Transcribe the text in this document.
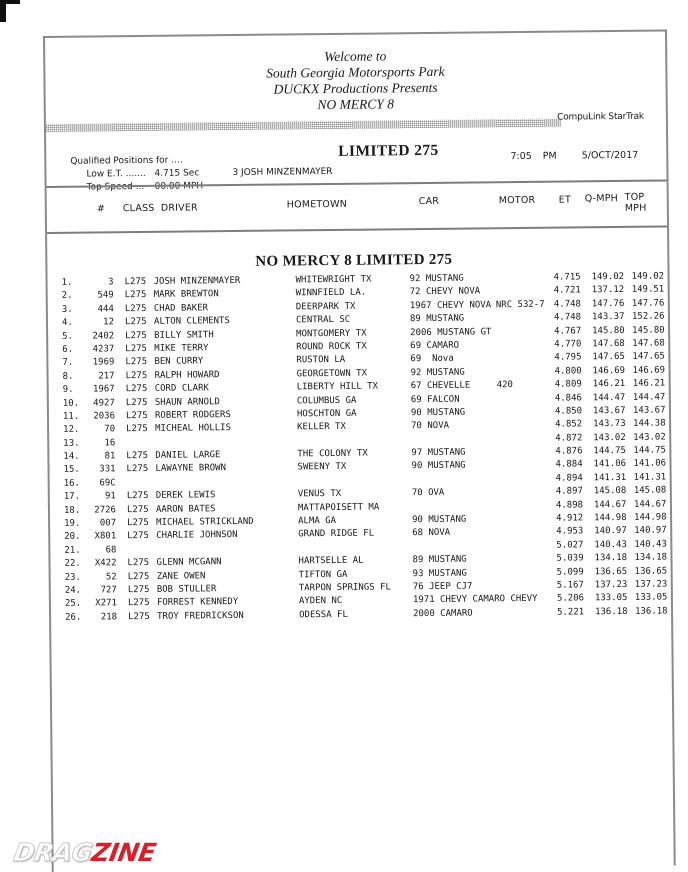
Welcome to
South Georgia Motorsports Park
DUCKX Productions Presents
NO MERCY 8
CompuLink StarTrak
LIMITED 275
Qualified Positions for ....
Low E.T. ....... 4.715 Sec	3 JOSH MINZENMAYER
Top Speed ... 00.00 MPH
7:05 PM	5/OCT/2017
# CLASS DRIVER	HOMETOWN	CAR	MOTOR ET Q-MPH TOP MPH
NO MERCY 8 LIMITED 275
1.	3 L275 JOSH MINZENMAYER	WHITEWRIGHT TX	92 MUSTANG	4.715 149.02 149.02
2.	549 L275 MARK BREWTON	WINNFIELD LA.	72 CHEVY NOVA	4.721 137.12 149.51
3.	444 L275 CHAD BAKER	DEERPARK TX	1967 CHEVY NOVA NRC 532-7 4.748 147.76 147.76
4.	12 L275 ALTON CLEMENTS	CENTRAL SC	89 MUSTANG	4.748 143.37 152.26
5.	2402 L275 BILLY SMITH	MONTGOMERY TX	2006 MUSTANG GT	4.767 145.80 145.80
6.	4237 L275 MIKE TERRY	ROUND ROCK TX	69 CAMARO	4.770 147.68 147.68
7.	1969 L275 BEN CURRY	RUSTON LA	69  Nova	4.795 147.65 147.65
8.	217 L275 RALPH HOWARD	GEORGETOWN TX	92 MUSTANG	4.800 146.69 146.69
9.	1967 L275 CORD CLARK	LIBERTY HILL TX	67 CHEVELLE	420	4.809 146.21 146.21
10.	4927 L275 SHAUN ARNOLD	COLUMBUS GA	69 FALCON	4.846 144.47 144.47
11.	2036 L275 ROBERT RODGERS	HOSCHTON GA	90 MUSTANG	4.850 143.67 143.67
12.	70 L275 MICHEAL HOLLIS	KELLER TX	70 NOVA	4.852 143.73 144.38
13.	16	4.872 143.02 143.02
14.	81 L275 DANIEL LARGE	THE COLONY TX	97 MUSTANG	4.876 144.75 144.75
15.	331 L275 LAWAYNE BROWN	SWEENY TX	90 MUSTANG	4.884 141.06 141.06
16.	69C	4.894 141.31 141.31
17.	91 L275 DEREK LEWIS	VENUS TX	70 OVA	4.897 145.08 145.08
18.	2726 L275 AARON BATES	MATTAPOISETT MA	4.898 144.67 144.67
19.	007 L275 MICHAEL STRICKLAND	ALMA GA	90 MUSTANG	4.912 144.98 144.98
20.	X801 L275 CHARLIE JOHNSON	GRAND RIDGE FL	68 NOVA	4.953 140.97 140.97
21.	68	5.027 140.43 140.43
22.	X422 L275 GLENN MCGANN	HARTSELLE AL	89 MUSTANG	5.039 134.18 134.18
23.	52 L275 ZANE OWEN	TIFTON GA	93 MUSTANG	5.099 136.65 136.65
24.	727 L275 BOB STULLER	TARPON SPRINGS FL 76 JEEP CJ7	5.167 137.23 137.23
25.	X271 L275 FORREST KENNEDY	AYDEN NC	1971 CHEVY CAMARO CHEVY 5.206 133.05 133.05
26.	218 L275 TROY FREDRICKSON	ODESSA FL	2000 CAMARO	5.221 136.18 136.18
DRAGZINE
